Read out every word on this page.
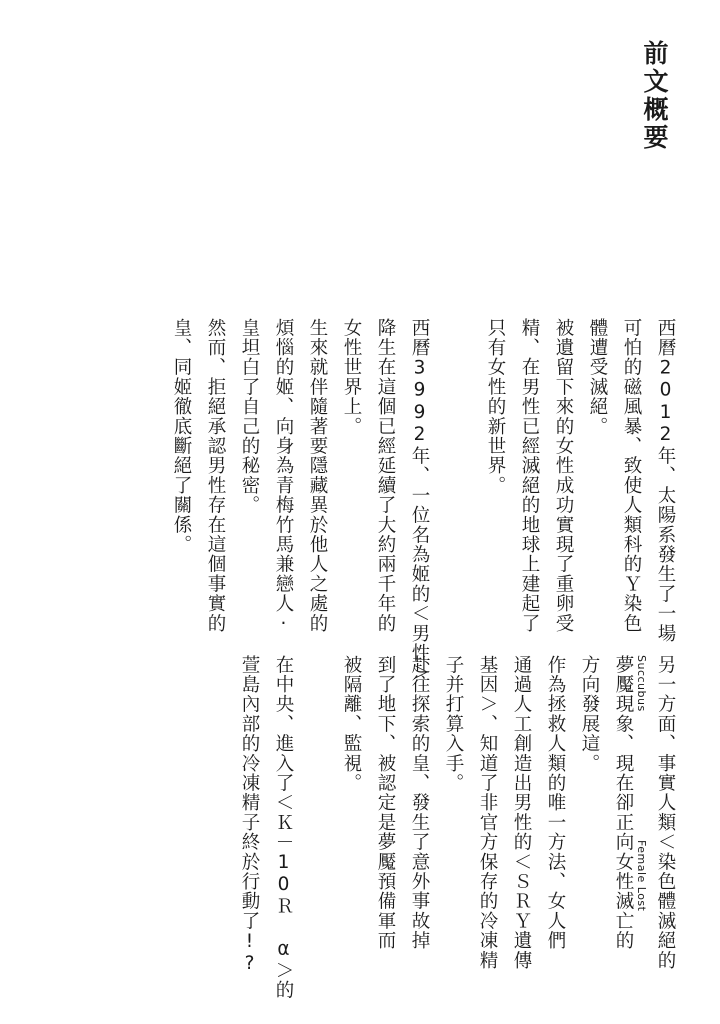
前文概要
西曆2012年、太陽系發生了一場
可怕的磁風暴、致使人類科的Ｙ染色
體遭受滅絕。
被遺留下來的女性成功實現了重卵受
精、在男性已經滅絕的地球上建起了
只有女性的新世界。
西曆3992年、一位名為姬的＜男性＞
降生在這個已經延續了大約兩千年的
女性世界上。
生來就伴隨著要隱藏異於他人之處的
煩惱的姬、向身為青梅竹馬兼戀人·
皇坦白了自己的秘密。
然而、拒絕承認男性存在這個事實的
皇、同姬徹底斷絕了關係。
另一方面、事實人類＜染色體滅絕的
Succubus
Female Lost
夢魘現象、現在卻正向女性滅亡的
方向發展這。
作為拯救人類的唯一方法、女人們
通過人工創造出男性的＜ＳＲＹ遺傳
基因＞、知道了非官方保存的冷凍精
子并打算入手。
赴往探索的皇、發生了意外事故掉
到了地下、被認定是夢魘預備軍而
被隔離、監視。
在中央、進入了＜Ｋ－10Ｒ α＞的
萱島內部的冷凍精子終於行動了!?
